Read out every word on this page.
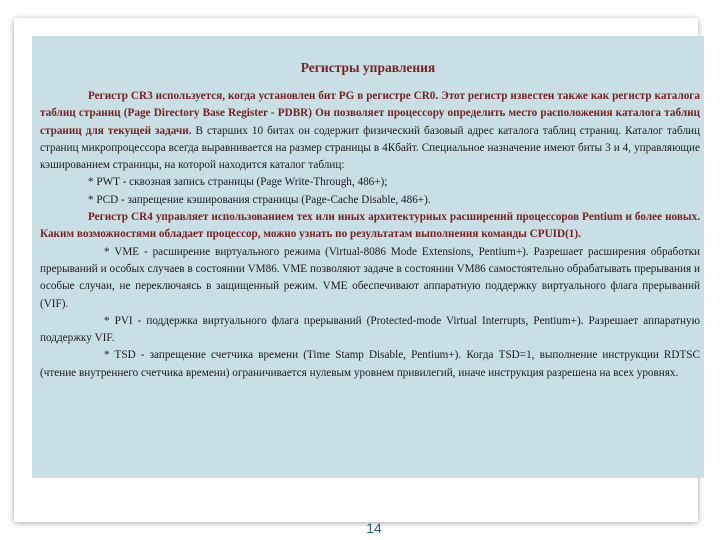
Регистры управления

Регистр CR3 используется, когда установлен бит PG в регистре CR0. Этот регистр известен также как регистр каталога таблиц страниц (Page Directory Base Register - PDBR) Он позволяет процессору определить место расположения каталога таблиц страниц для текущей задачи. В старших 10 битах он содержит физический базовый адрес каталога таблиц страниц. Каталог таблиц страниц микропроцессора всегда выравнивается на размер страницы в 4Кбайт. Специальное назначение имеют биты 3 и 4, управляющие кэшированием страницы, на которой находится каталог таблиц:

* PWT - сквозная запись страницы (Page Write-Through, 486+);

* PCD - запрещение кэширования страницы (Page-Cache Disable, 486+).

Регистр CR4 управляет использованием тех или иных архитектурных расширений процессоров Pentium и более новых. Каким возможностями обладает процессор, можно узнать по результатам выполнения команды CPUID(1).

* VME - расширение виртуального режима (Virtual-8086 Mode Extensions, Pentium+). Разрешает расширения обработки прерываний и особых случаев в состоянии VM86. VME позволяют задаче в состоянии VM86 самостоятельно обрабатывать прерывания и особые случаи, не переключаясь в защищенный режим. VME обеспечивают аппаратную поддержку виртуального флага прерываний (VIF).

* PVI - поддержка виртуального флага прерываний (Protected-mode Virtual Interrupts, Pentium+). Разрешает аппаратную поддержку VIF.

* TSD - запрещение счетчика времени (Time Stamp Disable, Pentium+). Когда TSD=1, выполнение инструкции RDTSC (чтение внутреннего счетчика времени) ограничивается нулевым уровнем привилегий, иначе инструкция разрешена на всех уровнях.

14
